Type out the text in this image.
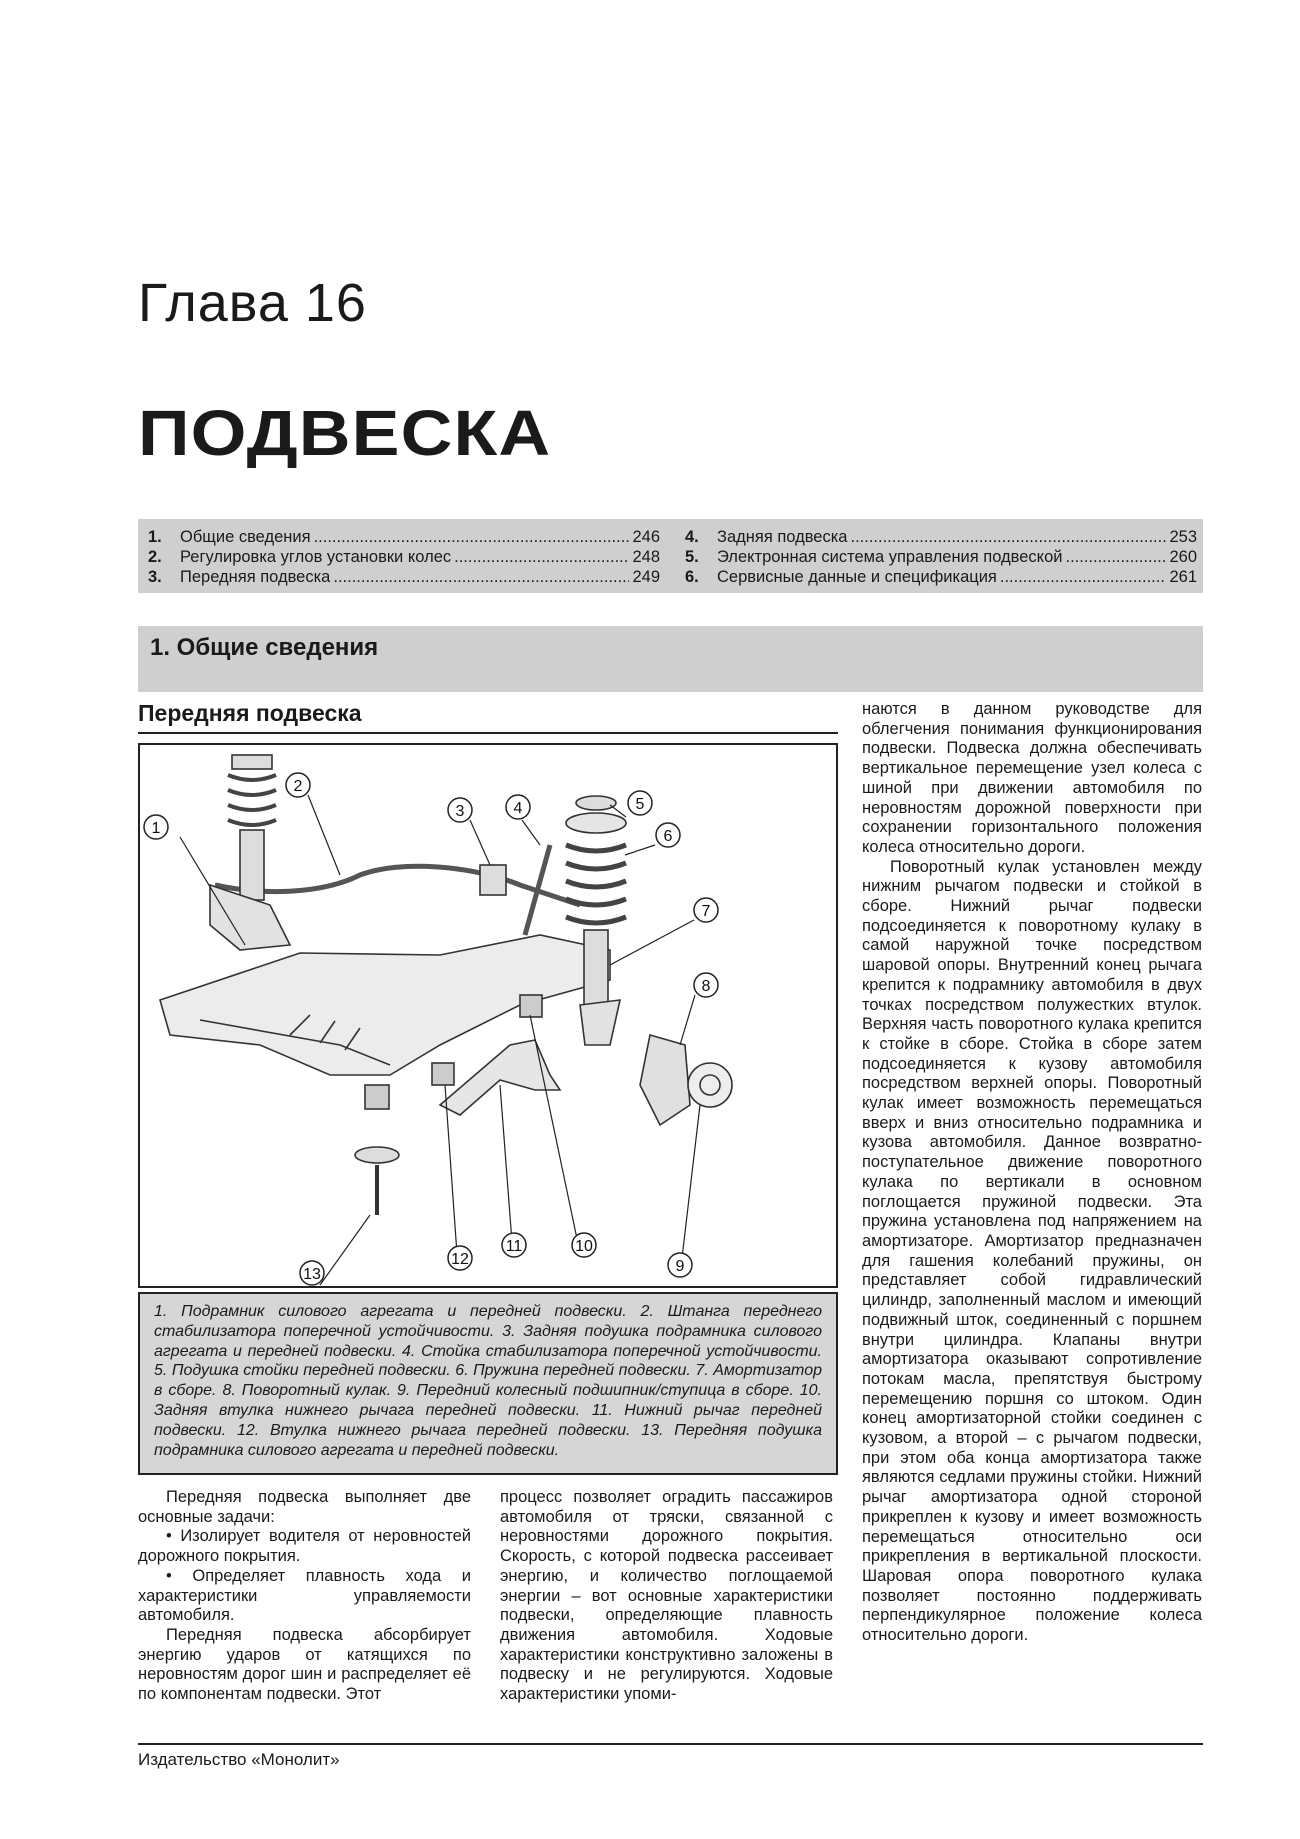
Глава 16
ПОДВЕСКА
1.	Общие сведения .....	246
2.	Регулировка углов установки колес .....	248
3.	Передняя подвеска .....	249
4.	Задняя подвеска .....	253
5.	Электронная система управления подвеской .....	260
6.	Сервисные данные и спецификация .....	261
1. Общие сведения
Передняя подвеска
1
2
3	4	5
6
7
8
9
10
11
12
13
1. Подрамник силового агрегата и передней подвески. 2. Штанга переднего стабилизатора поперечной устойчивости. 3. Задняя подушка подрамника силового агрегата и передней подвески. 4. Стойка стабилизатора поперечной устойчивости. 5. Подушка стойки передней подвески. 6. Пружина передней подвески. 7. Амортизатор в сборе. 8. Поворотный кулак. 9. Передний колесный подшипник/ступица в сборе. 10. Задняя втулка нижнего рычага передней подвески. 11. Нижний рычаг передней подвески. 12. Втулка нижнего рычага передней подвески. 13. Передняя подушка подрамника силового агрегата и передней подвески.

Передняя подвеска выполняет две основные задачи:

• Изолирует водителя от неровностей дорожного покрытия.

• Определяет плавность хода и характеристики управляемости автомобиля.

Передняя подвеска абсорбирует энергию ударов от катящихся по неровностям дорог шин и распределяет её по компонентам подвески. Этот

процесс позволяет оградить пассажиров автомобиля от тряски, связанной с неровностями дорожного покрытия. Скорость, с которой подвеска рассеивает энергию, и количество поглощаемой энергии – вот основные характеристики подвески, определяющие плавность движения автомобиля. Ходовые характеристики конструктивно заложены в подвеску и не регулируются. Ходовые характеристики упоми-

наются в данном руководстве для облегчения понимания функционирования подвески. Подвеска должна обеспечивать вертикальное перемещение узел колеса с шиной при движении автомобиля по неровностям дорожной поверхности при сохранении горизонтального положения колеса относительно дороги.

Поворотный кулак установлен между нижним рычагом подвески и стойкой в сборе. Нижний рычаг подвески подсоединяется к поворотному кулаку в самой наружной точке посредством шаровой опоры. Внутренний конец рычага крепится к подрамнику автомобиля в двух точках посредством полужестких втулок. Верхняя часть поворотного кулака крепится к стойке в сборе. Стойка в сборе затем подсоединяется к кузову автомобиля посредством верхней опоры. Поворотный кулак имеет возможность перемещаться вверх и вниз относительно подрамника и кузова автомобиля. Данное возвратно-поступательное движение поворотного кулака по вертикали в основном поглощается пружиной подвески. Эта пружина установлена под напряжением на амортизаторе. Амортизатор предназначен для гашения колебаний пружины, он представляет собой гидравлический цилиндр, заполненный маслом и имеющий подвижный шток, соединенный с поршнем внутри цилиндра. Клапаны внутри амортизатора оказывают сопротивление потокам масла, препятствуя быстрому перемещению поршня со штоком. Один конец амортизаторной стойки соединен с кузовом, а второй – с рычагом подвески, при этом оба конца амортизатора также являются седлами пружины стойки. Нижний рычаг амортизатора одной стороной прикреплен к кузову и имеет возможность перемещаться относительно оси прикрепления в вертикальной плоскости. Шаровая опора поворотного кулака позволяет постоянно поддерживать перпендикулярное положение колеса относительно дороги.

Издательство «Монолит»
